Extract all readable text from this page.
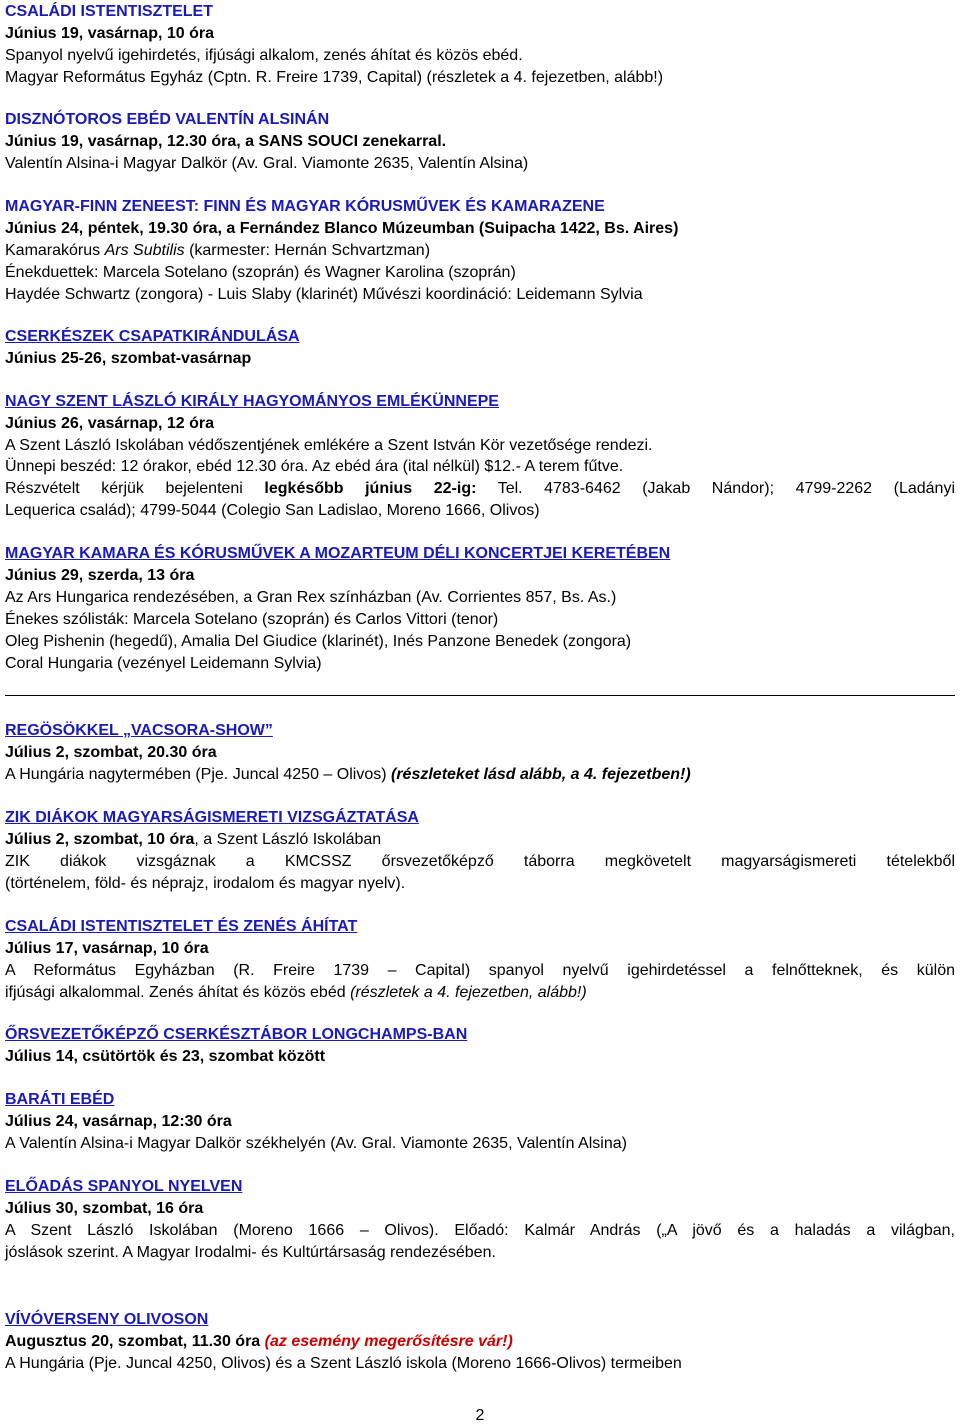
CSALÁDI ISTENTISZTELET
Június 19, vasárnap, 10 óra
Spanyol nyelvű igehirdetés, ifjúsági alkalom, zenés áhítat és közös ebéd.
Magyar Református Egyház (Cptn. R. Freire 1739, Capital) (részletek a 4. fejezetben, alább!)
DISZNÓTOROS EBÉD VALENTÍN ALSINÁN
Június 19, vasárnap, 12.30 óra, a SANS SOUCI zenekarral.
Valentín Alsina-i Magyar Dalkör (Av. Gral. Viamonte 2635, Valentín Alsina)
MAGYAR-FINN ZENEEST: FINN ÉS MAGYAR KÓRUSMŰVEK ÉS KAMARAZENE
Június 24, péntek, 19.30 óra, a Fernández Blanco Múzeumban (Suipacha 1422, Bs. Aires)
Kamarakórus Ars Subtilis (karmester: Hernán Schvartzman)
Énekduettek: Marcela Sotelano (szoprán) és Wagner Karolina (szoprán)
Haydée Schwartz (zongora) - Luis Slaby (klarinét) Művészi koordináció: Leidemann Sylvia
CSERKÉSZEK CSAPATKIRÁNDULÁSA
Június 25-26, szombat-vasárnap
NAGY SZENT LÁSZLÓ KIRÁLY HAGYOMÁNYOS EMLÉKÜNNEPE
Június 26, vasárnap, 12 óra
A Szent László Iskolában védőszentjének emlékére a Szent István Kör vezetősége rendezi.
Ünnepi beszéd: 12 órakor, ebéd 12.30 óra. Az ebéd ára (ital nélkül) $12.- A terem fűtve.
Részvételt kérjük bejelenteni legkésőbb június 22-ig: Tel. 4783-6462 (Jakab Nándor); 4799-2262 (Ladányi
Lequerica család); 4799-5044 (Colegio San Ladislao, Moreno 1666, Olivos)
MAGYAR KAMARA ÉS KÓRUSMŰVEK A MOZARTEUM DÉLI KONCERTJEI KERETÉBEN
Június 29, szerda, 13 óra
Az Ars Hungarica rendezésében, a Gran Rex színházban (Av. Corrientes 857, Bs. As.)
Énekes szólisták: Marcela Sotelano (szoprán) és Carlos Vittori (tenor)
Oleg Pishenin (hegedű), Amalia Del Giudice (klarinét), Inés Panzone Benedek (zongora)
Coral Hungaria (vezényel Leidemann Sylvia)
REGÖSÖKKEL „VACSORA-SHOW”
Július 2, szombat, 20.30 óra
A Hungária nagytermében (Pje. Juncal 4250 – Olivos) (részleteket lásd alább, a 4. fejezetben!)
ZIK DIÁKOK MAGYARSÁGISMERETI VIZSGÁZTATÁSA
Július 2, szombat, 10 óra, a Szent László Iskolában
ZIK diákok vizsgáznak a KMCSSZ őrsvezetőképző táborra megkövetelt magyarságismereti tételekből
(történelem, föld- és néprajz, irodalom és magyar nyelv).
CSALÁDI ISTENTISZTELET ÉS ZENÉS ÁHÍTAT
Július 17, vasárnap, 10 óra
A Református Egyházban (R. Freire 1739 – Capital) spanyol nyelvű igehirdetéssel a felnőtteknek, és külön
ifjúsági alkalommal. Zenés áhítat és közös ebéd (részletek a 4. fejezetben, alább!)
ŐRSVEZETŐKÉPZŐ CSERKÉSZTÁBOR LONGCHAMPS-BAN
Július 14, csütörtök és 23, szombat között
BARÁTI EBÉD
Július 24, vasárnap, 12:30 óra
A Valentín Alsina-i Magyar Dalkör székhelyén (Av. Gral. Viamonte 2635, Valentín Alsina)
ELŐADÁS SPANYOL NYELVEN
Július 30, szombat, 16 óra
A Szent László Iskolában (Moreno 1666 – Olivos). Előadó: Kalmár András („A jövő és a haladás a világban,
jóslások szerint. A Magyar Irodalmi- és Kultúrtársaság rendezésében.
VÍVÓVERSENY OLIVOSON
Augusztus 20, szombat, 11.30 óra (az esemény megerősítésre vár!)
A Hungária (Pje. Juncal 4250, Olivos) és a Szent László iskola (Moreno 1666-Olivos) termeiben
2
